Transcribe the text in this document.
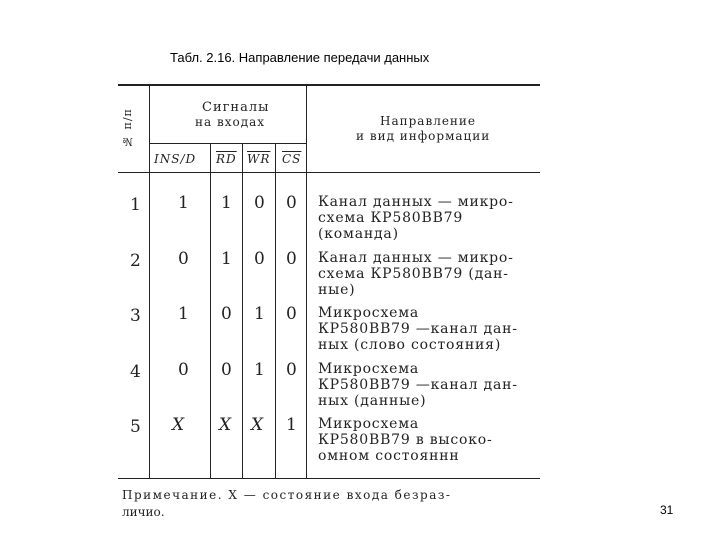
Табл. 2.16. Направление передачи данных
№ п/п
Сигналы
на входах	Направление
и вид информации
INS/D $\overline{RD}$ $\overline{WR}$ $\overline{CS}$
1 1 1 0 0 Канал данных — микро-
схема КР580ВВ79
(команда)
2 0 1 0 0 Канал данных — микро-
схема КР580ВВ79 (дан-
ные)
3 1 0 1 0 Микросхема
КР580ВВ79 —канал дан-
ных (слово состояния)
4 0 0 1 0 Микросхема
КР580ВВ79 —канал дан-
ных (данные)
5 X X X 1 Микросхема
КР580ВВ79 в высоко-
омном состояннн
Примечание. X — состояние входа безраз-
личио.	31
